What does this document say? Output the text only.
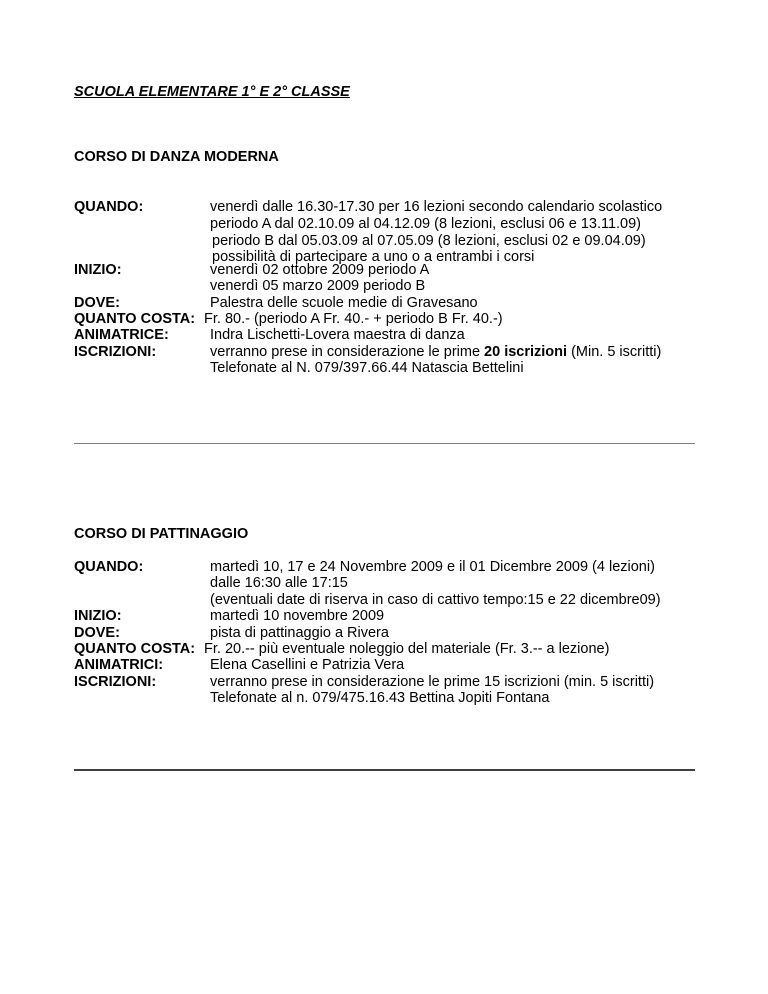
SCUOLA ELEMENTARE 1° E 2° CLASSE
CORSO DI DANZA MODERNA
QUANDO:	venerdì dalle 16.30-17.30 per 16 lezioni secondo calendario scolastico
periodo A dal 02.10.09 al 04.12.09 (8 lezioni, esclusi 06 e 13.11.09)
periodo B dal 05.03.09 al 07.05.09 (8 lezioni, esclusi 02 e 09.04.09)
possibilità di partecipare a uno o a entrambi i corsi
INIZIO:	venerdì 02 ottobre 2009 periodo A
venerdì 05 marzo 2009 periodo B
DOVE:	Palestra delle scuole medie di Gravesano
QUANTO COSTA: Fr. 80.- (periodo A Fr. 40.- + periodo B Fr. 40.-)
ANIMATRICE:	Indra Lischetti-Lovera maestra di danza
ISCRIZIONI:	verranno prese in considerazione le prime 20 iscrizioni (Min. 5 iscritti)
Telefonate al N. 079/397.66.44 Natascia Bettelini
CORSO DI PATTINAGGIO
QUANDO:	martedì 10, 17 e 24 Novembre 2009 e il 01 Dicembre 2009 (4 lezioni)
dalle 16:30 alle 17:15
(eventuali date di riserva in caso di cattivo tempo:15 e 22 dicembre09)
INIZIO:	martedì 10 novembre 2009
DOVE:	pista di pattinaggio a Rivera
QUANTO COSTA: Fr. 20.-- più eventuale noleggio del materiale (Fr. 3.-- a lezione)
ANIMATRICI:	Elena Casellini e Patrizia Vera
ISCRIZIONI:	verranno prese in considerazione le prime 15 iscrizioni (min. 5 iscritti)
Telefonate al n. 079/475.16.43 Bettina Jopiti Fontana
